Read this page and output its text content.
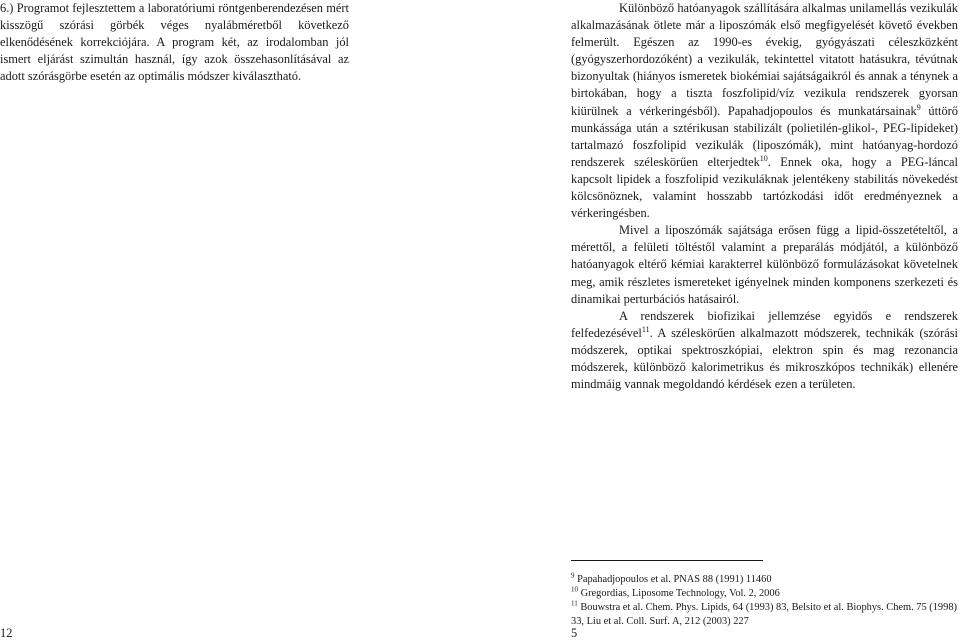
6.) Programot fejlesztettem a laboratóriumi röntgenberendezésen mért kisszögű szórási görbék véges nyalábméretből következő elkenődésének korrekciójára. A program két, az irodalomban jól ismert eljárást szimultán használ, így azok összehasonlításával az adott szórásgörbe esetén az optimális módszer kiválasztható.

Különböző hatóanyagok szállítására alkalmas unilamellás vezikulák alkalmazásának ötlete már a liposzómák első megfigyelését követő években felmerült. Egészen az 1990-es évekig, gyógyászati céleszközként (gyógyszerhordozóként) a vezikulák, tekintettel vitatott hatásukra, tévútnak bizonyultak (hiányos ismeretek biokémiai sajátságaikról és annak a ténynek a birtokában, hogy a tiszta foszfolipid/víz vezikula rendszerek gyorsan kiürülnek a vérkeringésből). Papahadjopoulos és munkatársainak$^9$ úttörő munkássága után a sztérikusan stabilizált (polietilén-glikol-, PEG-lipideket) tartalmazó foszfolipid vezikulák (liposzómák), mint hatóanyag-hordozó rendszerek széleskörűen elterjedtek$^{10}$. Ennek oka, hogy a PEG-láncal kapcsolt lipidek a foszfolipid vezikuláknak jelentékeny stabilitás növekedést kölcsönöznek, valamint hosszabb tartózkodási időt eredményeznek a vérkeringésben.

Mivel a liposzómák sajátsága erősen függ a lipid-összetételtől, a mérettől, a felületi töltéstől valamint a preparálás módjától, a különböző hatóanyagok eltérő kémiai karakterrel különböző formulázásokat követelnek meg, amik részletes ismereteket igényelnek minden komponens szerkezeti és dinamikai perturbációs hatásairól.

A rendszerek biofizikai jellemzése egyidős e rendszerek felfedezésével$^{11}$. A széleskörűen alkalmazott módszerek, technikák (szórási módszerek, optikai spektroszkópiai, elektron spin és mag rezonancia módszerek, különböző kalorimetrikus és mikroszkópos technikák) ellenére mindmáig vannak megoldandó kérdések ezen a területen.

$^9$ Papahadjopoulos et al. PNAS 88 (1991) 11460

$^{10}$ Gregordias, Liposome Technology, Vol. 2, 2006

$^{11}$ Bouwstra et al. Chem. Phys. Lipids, 64 (1993) 83, Belsito et al. Biophys. Chem. 75 (1998) 33, Liu et al. Coll. Surf. A, 212 (2003) 227

12	5
